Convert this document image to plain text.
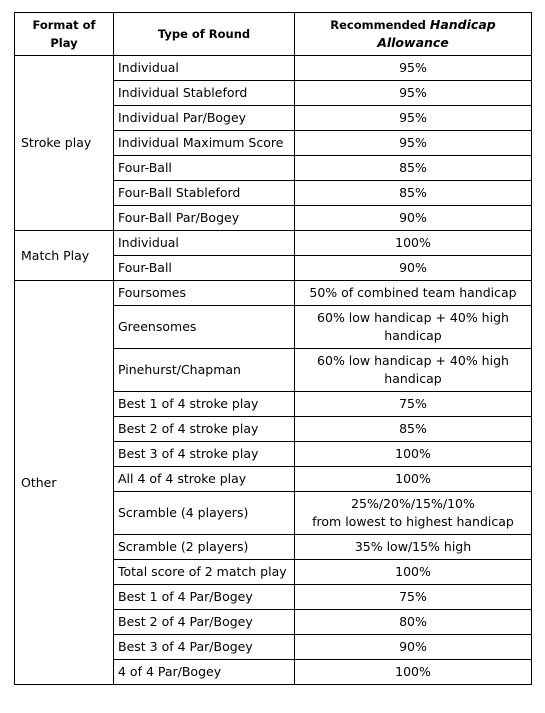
Format of Play	Type of Round	Recommended Handicap Allowance
Stroke play	Individual	95%
	Individual Stableford	95%
	Individual Par/Bogey	95%
	Individual Maximum Score	95%
	Four-Ball	85%
	Four-Ball Stableford	85%
	Four-Ball Par/Bogey	90%
Match Play	Individual	100%
	Four-Ball	90%
Other	Foursomes	50% of combined team handicap
	Greensomes	60% low handicap + 40% high handicap
	Pinehurst/Chapman	60% low handicap + 40% high handicap
	Best 1 of 4 stroke play	75%
	Best 2 of 4 stroke play	85%
	Best 3 of 4 stroke play	100%
	All 4 of 4 stroke play	100%
	Scramble (4 players)	25%/20%/15%/10%
from lowest to highest handicap

	Scramble (2 players)	35% low/15% high
	Total score of 2 match play	100%
	Best 1 of 4 Par/Bogey	75%
	Best 2 of 4 Par/Bogey	80%
	Best 3 of 4 Par/Bogey	90%
	4 of 4 Par/Bogey	100%
